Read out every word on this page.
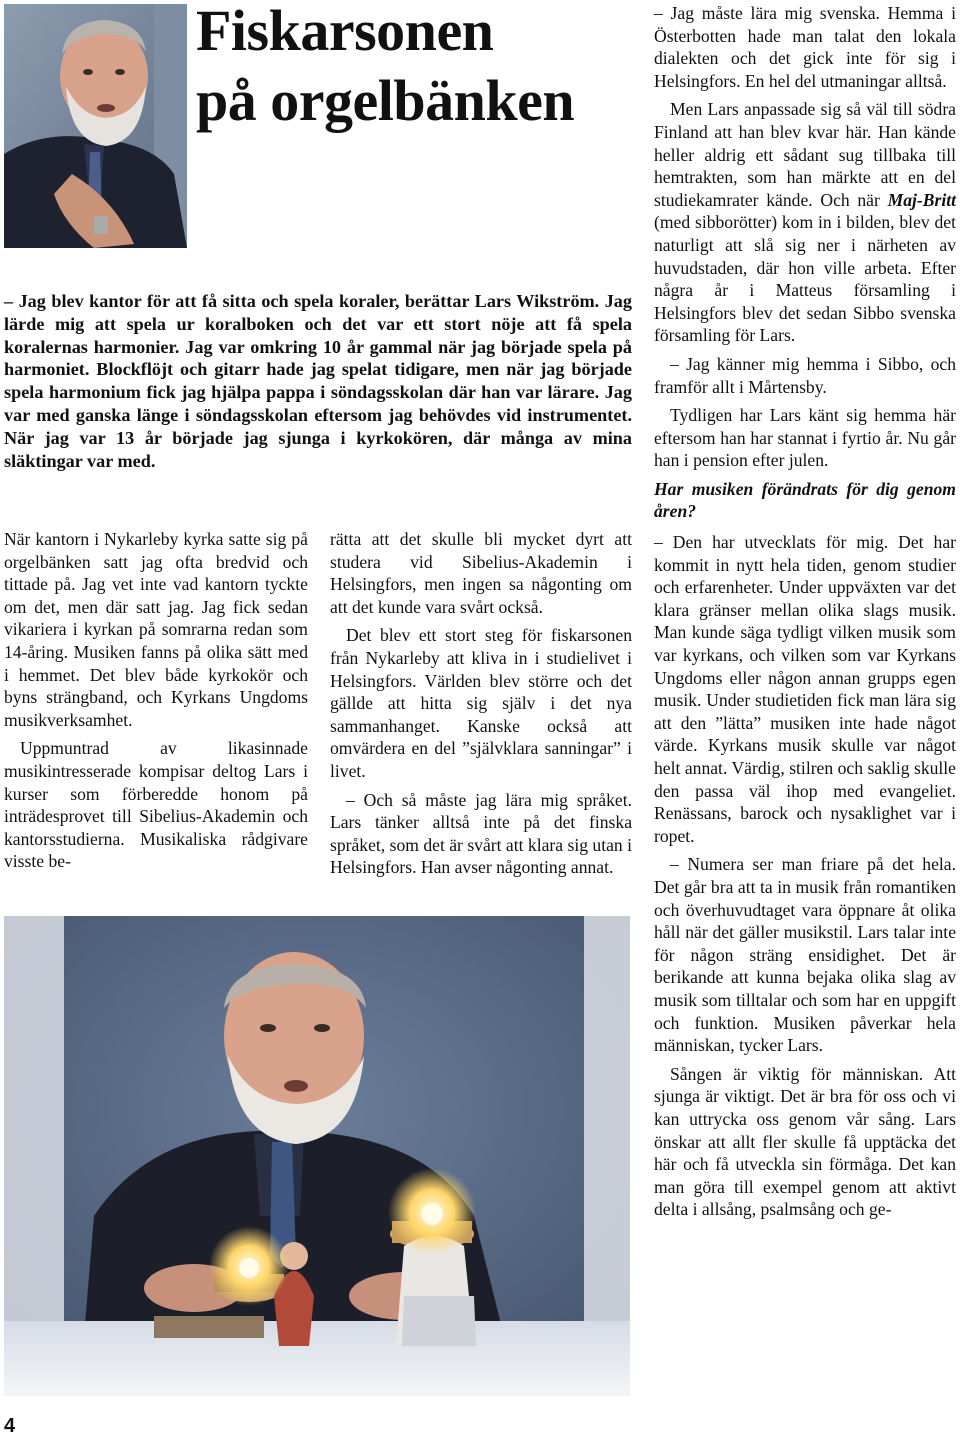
Fiskarsonen
på orgelbänken

– Jag blev kantor för att få sitta och spela koraler, berättar Lars Wikström. Jag lärde mig att spela ur koralboken och det var ett stort nöje att få spela koralernas harmonier. Jag var omkring 10 år gammal när jag började spela på harmoniet. Blockflöjt och gitarr hade jag spelat tidigare, men när jag började spela harmonium fick jag hjälpa pappa i söndagsskolan där han var lärare. Jag var med ganska länge i söndagsskolan eftersom jag behövdes vid instrumentet. När jag var 13 år började jag sjunga i kyrkokören, där många av mina släktingar var med.

När kantorn i Nykarleby kyrka satte sig på orgelbänken satt jag ofta bredvid och tittade på. Jag vet inte vad kantorn tyckte om det, men där satt jag. Jag fick sedan vikariera i kyrkan på somrarna redan som 14-åring. Musiken fanns på olika sätt med i hemmet. Det blev både kyrkokör och byns strängband, och Kyrkans Ungdoms musikverksamhet.

Uppmuntrad av likasinnade musikintresserade kompisar deltog Lars i kurser som förberedde honom på inträdesprovet till Sibelius-Akademin och kantorsstudierna. Musikaliska rådgivare visste be-

rätta att det skulle bli mycket dyrt att studera vid Sibelius-Akademin i Helsingfors, men ingen sa någonting om att det kunde vara svårt också.

Det blev ett stort steg för fiskarsonen från Nykarleby att kliva in i studielivet i Helsingfors. Världen blev större och det gällde att hitta sig själv i det nya sammanhanget. Kanske också att omvärdera en del ”självklara sanningar” i livet.

– Och så måste jag lära mig språket. Lars tänker alltså inte på det finska språket, som det är svårt att klara sig utan i Helsingfors. Han avser någonting annat.

– Jag måste lära mig svenska. Hemma i Österbotten hade man talat den lokala dialekten och det gick inte för sig i Helsingfors. En hel del utmaningar alltså.

Men Lars anpassade sig så väl till södra Finland att han blev kvar här. Han kände heller aldrig ett sådant sug tillbaka till hemtrakten, som han märkte att en del studiekamrater kände. Och när Maj-Britt (med sibborötter) kom in i bilden, blev det naturligt att slå sig ner i närheten av huvudstaden, där hon ville arbeta. Efter några år i Matteus församling i Helsingfors blev det sedan Sibbo svenska församling för Lars.

– Jag känner mig hemma i Sibbo, och framför allt i Mårtensby.

Tydligen har Lars känt sig hemma här eftersom han har stannat i fyrtio år. Nu går han i pension efter julen.

Har musiken förändrats för dig genom åren?

– Den har utvecklats för mig. Det har kommit in nytt hela tiden, genom studier och erfarenheter. Under uppväxten var det klara gränser mellan olika slags musik. Man kunde säga tydligt vilken musik som var kyrkans, och vilken som var Kyrkans Ungdoms eller någon annan grupps egen musik. Under studietiden fick man lära sig att den ”lätta” musiken inte hade något värde. Kyrkans musik skulle var något helt annat. Värdig, stilren och saklig skulle den passa väl ihop med evangeliet. Renässans, barock och nysaklighet var i ropet.

– Numera ser man friare på det hela. Det går bra att ta in musik från romantiken och överhuvudtaget vara öppnare åt olika håll när det gäller musikstil. Lars talar inte för någon sträng ensidighet. Det är berikande att kunna bejaka olika slag av musik som tilltalar och som har en uppgift och funktion. Musiken påverkar hela människan, tycker Lars.

Sången är viktig för människan. Att sjunga är viktigt. Det är bra för oss och vi kan uttrycka oss genom vår sång. Lars önskar att allt fler skulle få upptäcka det här och få utveckla sin förmåga. Det kan man göra till exempel genom att aktivt delta i allsång, psalmsång och ge-

4
